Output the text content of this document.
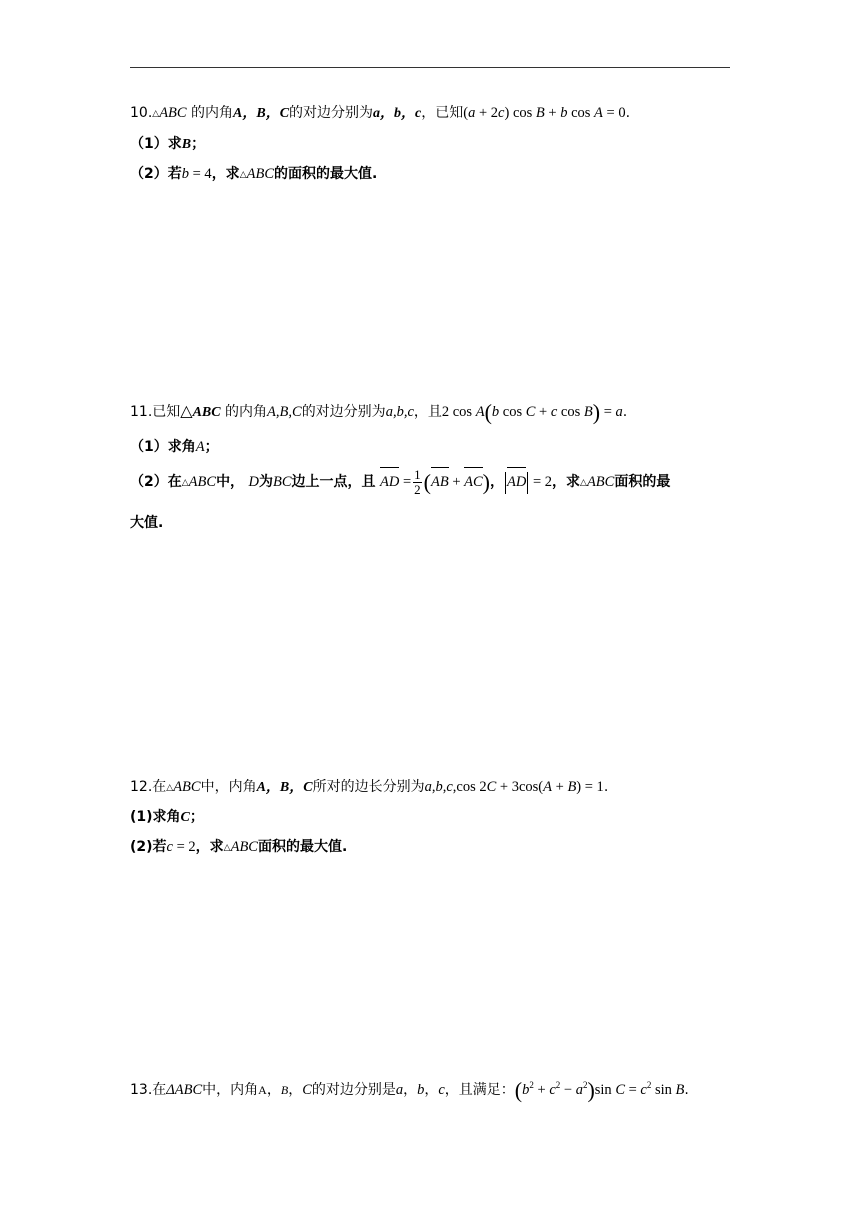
10.△ABC 的内角A，B，C的对边分别为a，b，c，已知(a + 2c) cos B + b cos A = 0.
（1）求B；
（2）若b = 4，求△ABC的面积的最大值.
11.已知△ABC 的内角A,B,C的对边分别为a,b,c，且2 cos A(b cos C + c cos B) = a.
（1）求角A；
（2）在△ABC中， D为BC边上一点，且 AD = $\frac{1}{2} (AB + AC)$， AD = 2，求△ABC面积的最
大值.
12.在△ABC中，内角A，B，C所对的边长分别为a,b,c,cos 2C + 3cos(A + B) = 1.
(1)求角C；
(2)若c = 2，求△ABC面积的最大值.
13.在ΔABC中，内角A，B，C的对边分别是a，b，c，且满足：$(b^2 + c^2 - a^2)\sin$ $C = c^2$ sin B.
